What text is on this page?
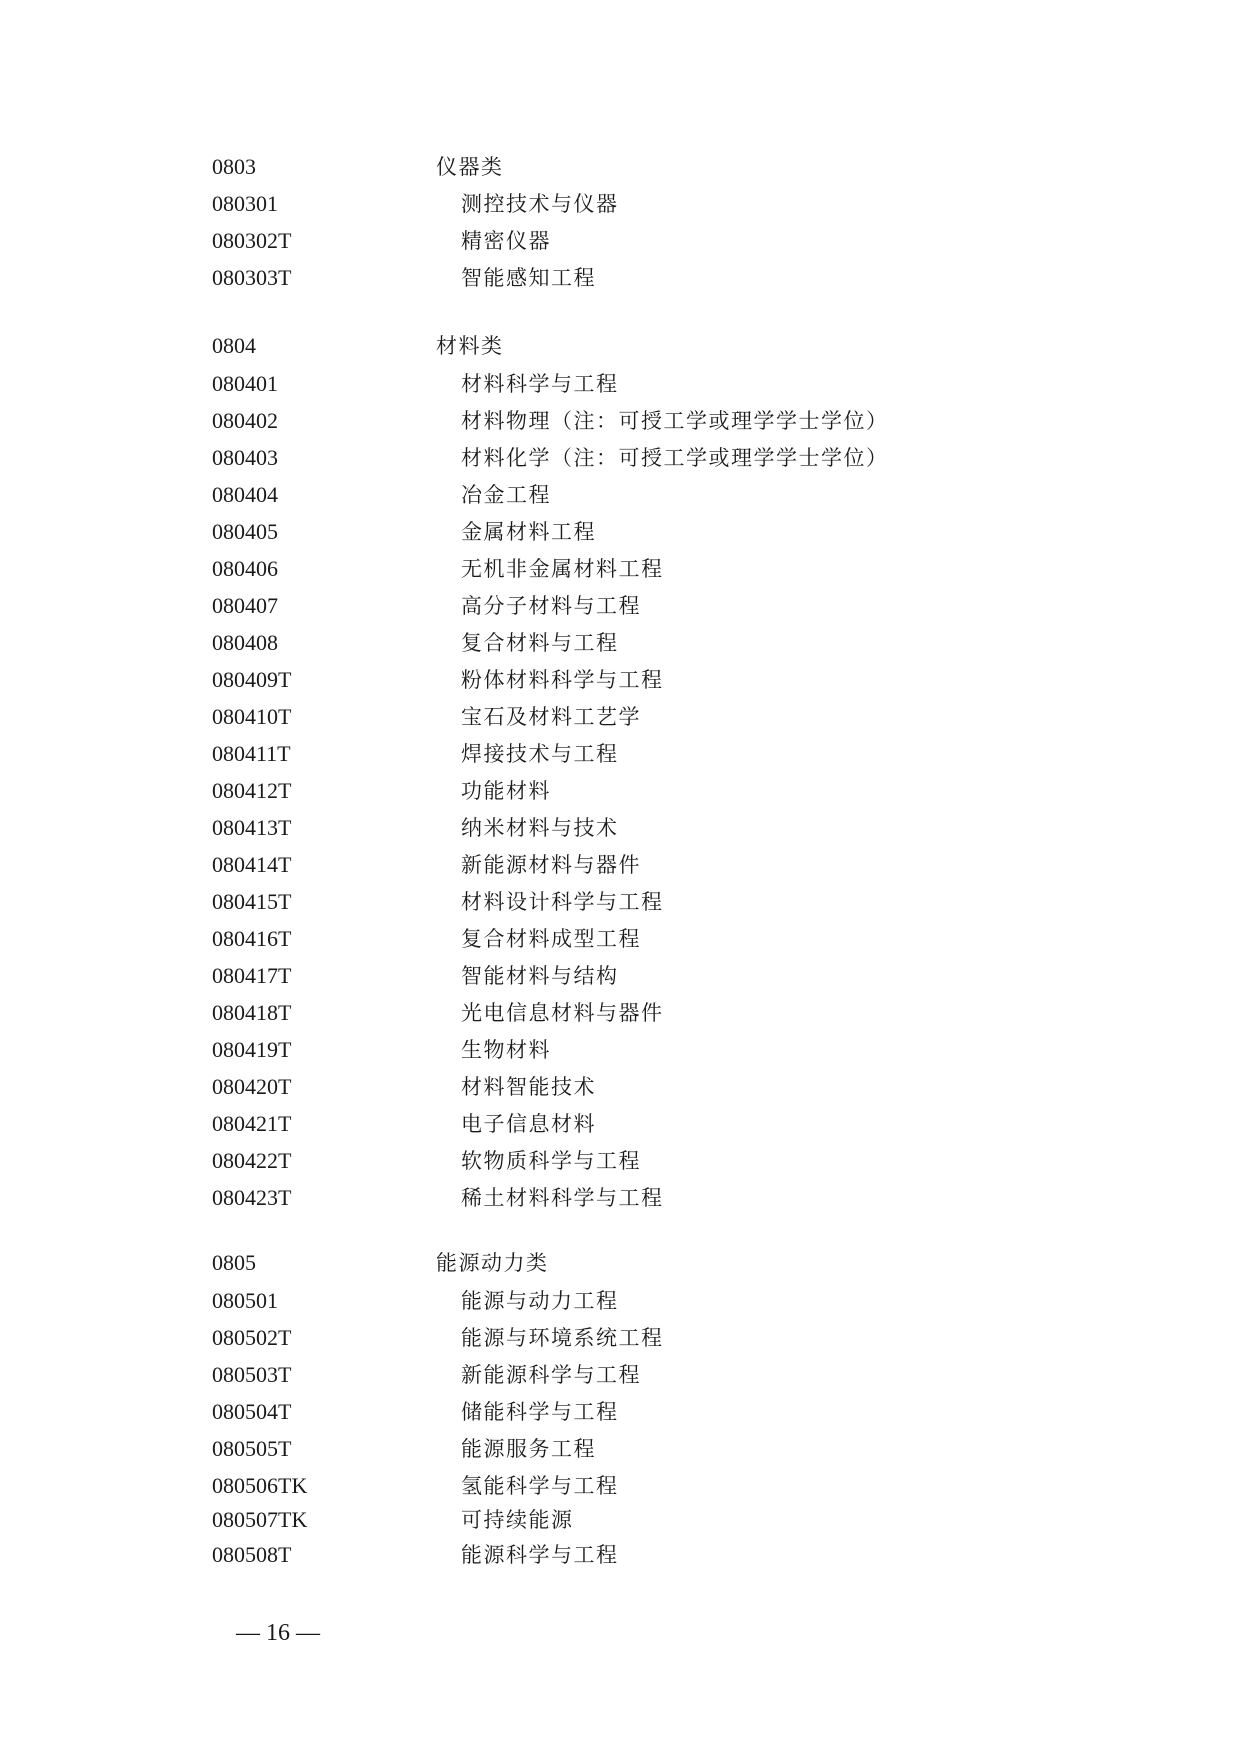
0803	仪器类
080301	测控技术与仪器
080302T	精密仪器
080303T	智能感知工程
0804	材料类
080401	材料科学与工程
080402	材料物理（注：可授工学或理学学士学位）
080403	材料化学（注：可授工学或理学学士学位）
080404	冶金工程
080405	金属材料工程
080406	无机非金属材料工程
080407	高分子材料与工程
080408	复合材料与工程
080409T	粉体材料科学与工程
080410T	宝石及材料工艺学
080411T	焊接技术与工程
080412T	功能材料
080413T	纳米材料与技术
080414T	新能源材料与器件
080415T	材料设计科学与工程
080416T	复合材料成型工程
080417T	智能材料与结构
080418T	光电信息材料与器件
080419T	生物材料
080420T	材料智能技术
080421T	电子信息材料
080422T	软物质科学与工程
080423T	稀土材料科学与工程
0805	能源动力类
080501	能源与动力工程
080502T	能源与环境系统工程
080503T	新能源科学与工程
080504T	储能科学与工程
080505T	能源服务工程
080506TK	氢能科学与工程
080507TK	可持续能源
080508T	能源科学与工程
— 16 —
